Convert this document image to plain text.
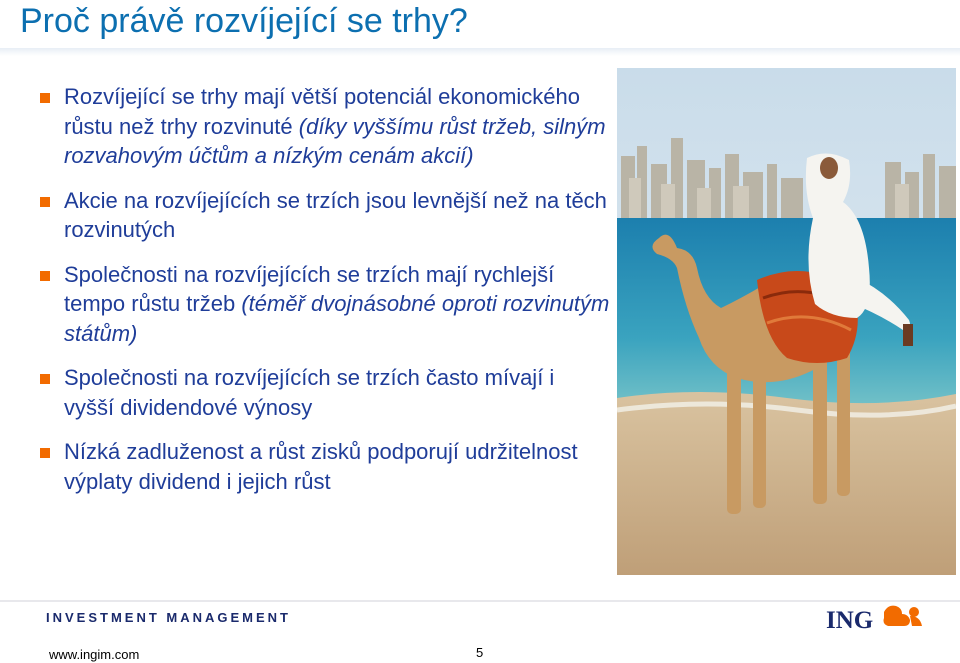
Proč právě rozvíjející se trhy?
Rozvíjející se trhy mají větší potenciál ekonomického růstu než trhy rozvinuté (díky vyššímu růst tržeb, silným rozvahovým účtům a nízkým cenám akcií)
Akcie na rozvíjejících se trzích jsou levnější než na těch rozvinutých
Společnosti na rozvíjejících se trzích mají rychlejší tempo růstu tržeb (téměř dvojnásobné oproti rozvinutým státům)
Společnosti na rozvíjejících se trzích často mívají i vyšší dividendové výnosy
Nízká zadluženost a růst zisků podporují udržitelnost výplaty dividend i jejich růst
INVESTMENT MANAGEMENT	ING
www.ingim.com	5
